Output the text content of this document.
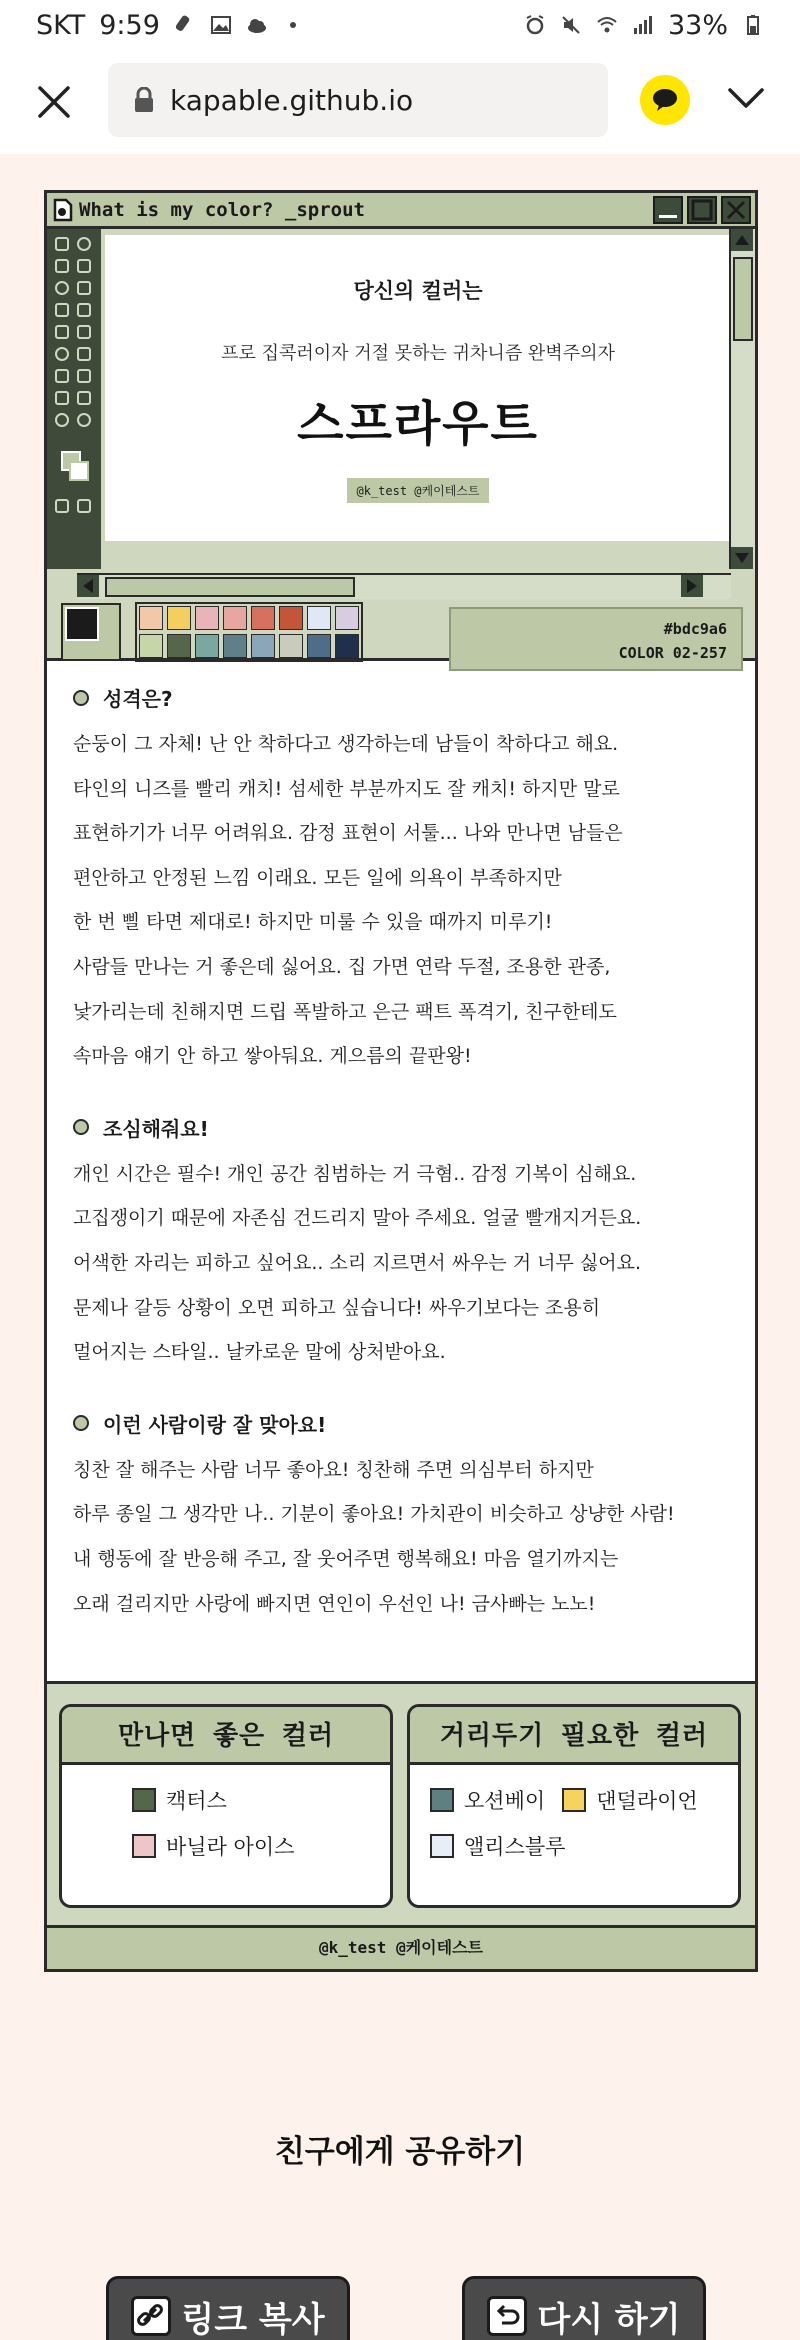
SKT 9:59	33%
kapable.github.io
What is my color? _sprout
당신의 컬러는
프로 집콕러이자 거절 못하는 귀차니즘 완벽주의자
스프라우트
@k_test @케이테스트
#bdc9a6
COLOR 02-257
성격은?
순둥이 그 자체! 난 안 착하다고 생각하는데 남들이 착하다고 해요.
타인의 니즈를 빨리 캐치! 섬세한 부분까지도 잘 캐치! 하지만 말로
표현하기가 너무 어려워요. 감정 표현이 서툴... 나와 만나면 남들은
편안하고 안정된 느낌 이래요. 모든 일에 의욕이 부족하지만
한 번 삘 타면 제대로! 하지만 미룰 수 있을 때까지 미루기!
사람들 만나는 거 좋은데 싫어요. 집 가면 연락 두절, 조용한 관종,
낯가리는데 친해지면 드립 폭발하고 은근 팩트 폭격기, 친구한테도
속마음 얘기 안 하고 쌓아둬요. 게으름의 끝판왕!
조심해줘요!
개인 시간은 필수! 개인 공간 침범하는 거 극혐.. 감정 기복이 심해요.
고집쟁이기 때문에 자존심 건드리지 말아 주세요. 얼굴 빨개지거든요.
어색한 자리는 피하고 싶어요.. 소리 지르면서 싸우는 거 너무 싫어요.
문제나 갈등 상황이 오면 피하고 싶습니다! 싸우기보다는 조용히
멀어지는 스타일.. 날카로운 말에 상처받아요.
이런 사람이랑 잘 맞아요!
칭찬 잘 해주는 사람 너무 좋아요! 칭찬해 주면 의심부터 하지만
하루 종일 그 생각만 나.. 기분이 좋아요! 가치관이 비슷하고 상냥한 사람!
내 행동에 잘 반응해 주고, 잘 웃어주면 행복해요! 마음 열기까지는
오래 걸리지만 사랑에 빠지면 연인이 우선인 나! 금사빠는 노노!
만나면 좋은 컬러
캑터스
바닐라 아이스
거리두기 필요한 컬러
오션베이
댄덜라이언
앨리스블루
@k_test @케이테스트
친구에게 공유하기
링크 복사	다시 하기
